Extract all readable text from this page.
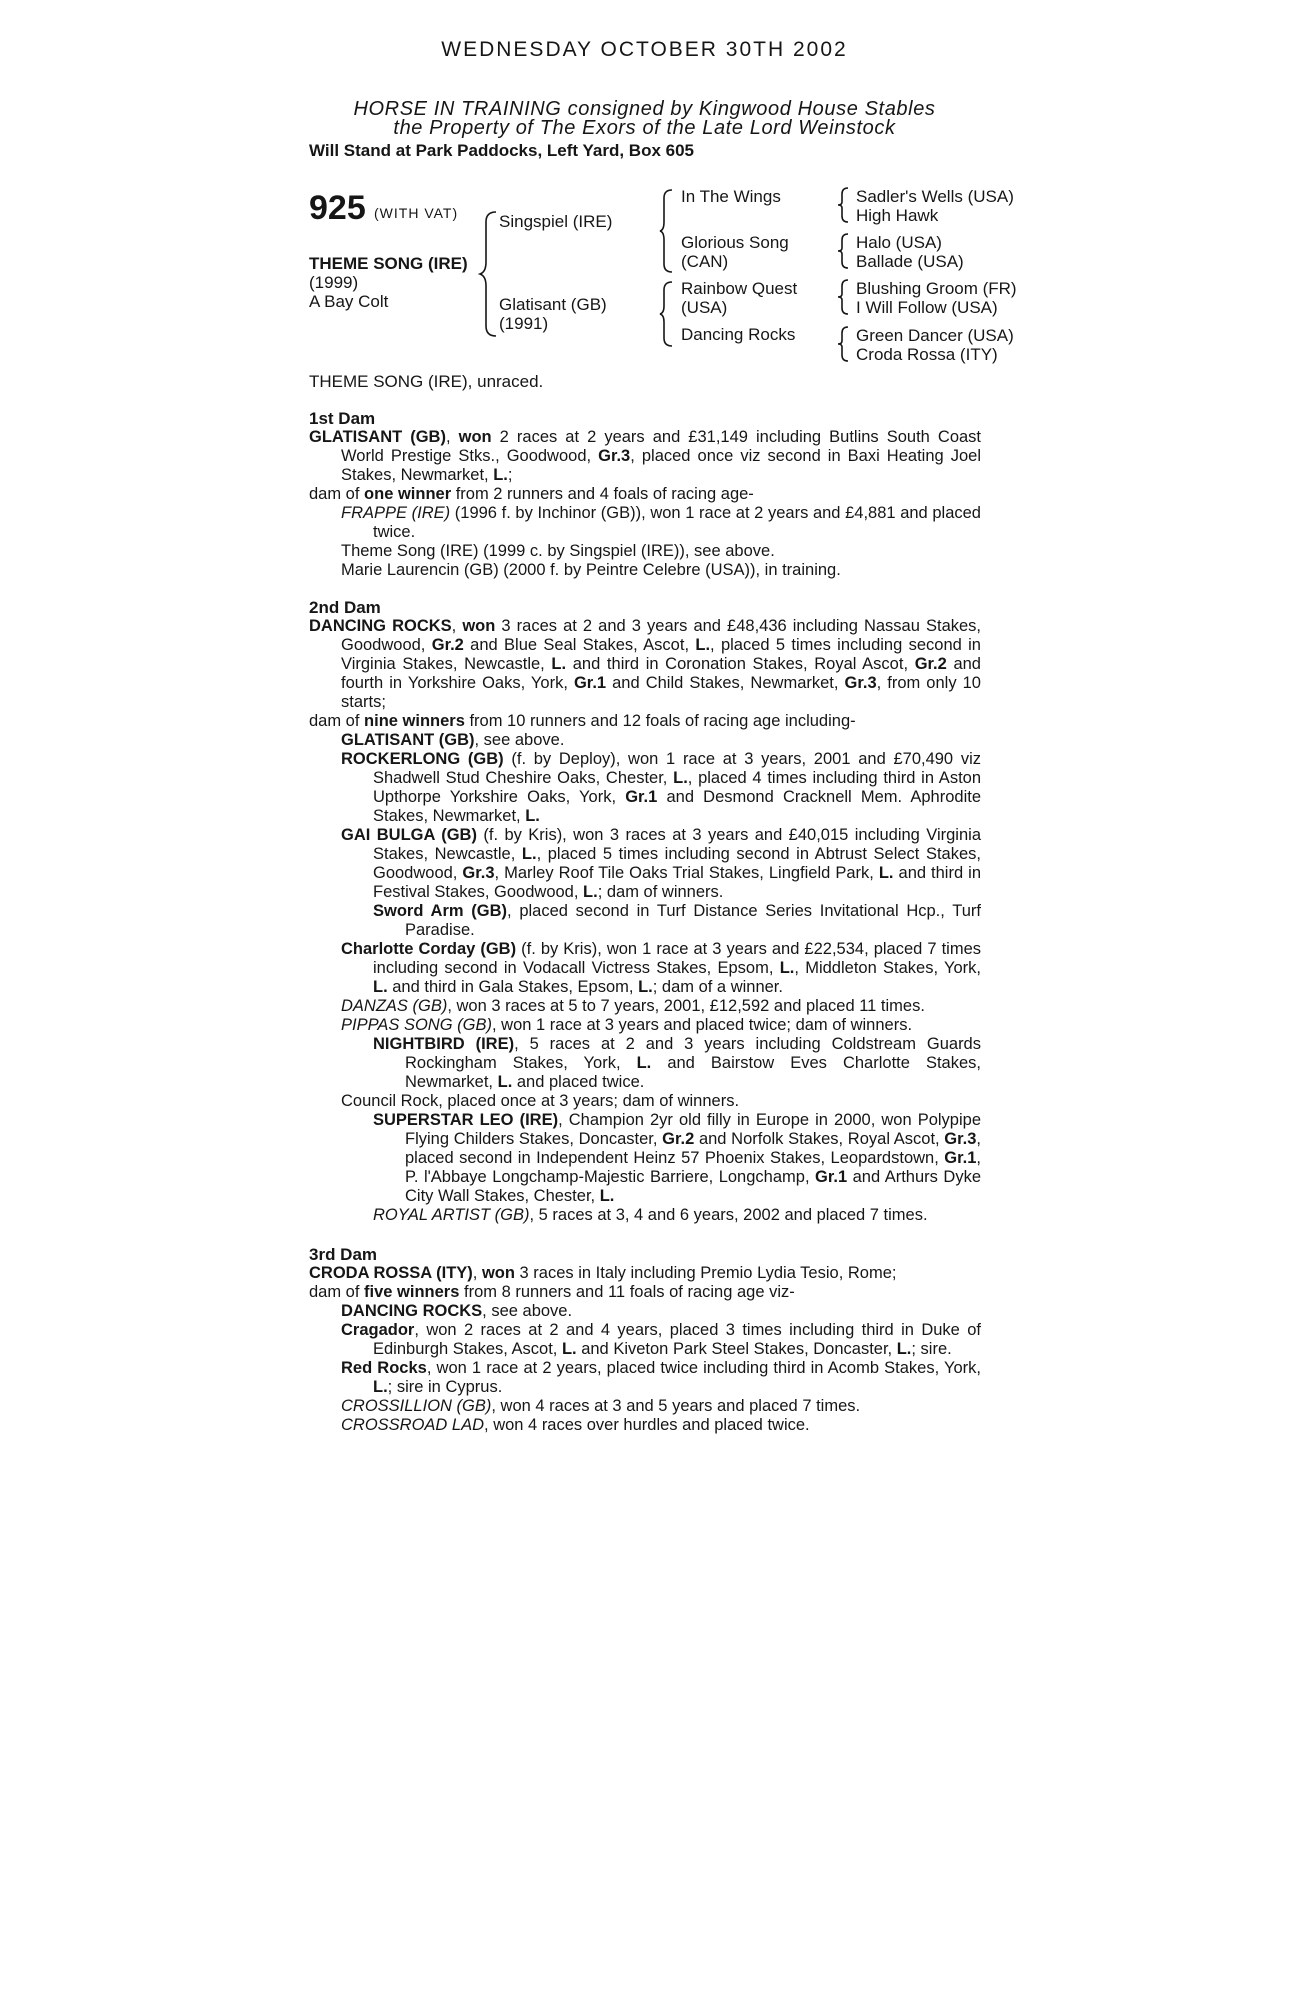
WEDNESDAY OCTOBER 30TH 2002
HORSE IN TRAINING consigned by Kingwood House Stables
the Property of The Exors of the Late Lord Weinstock
Will Stand at Park Paddocks, Left Yard, Box 605
925 (WITH VAT)
THEME SONG (IRE)
(1999)
A Bay Colt
Singspiel (IRE)
Glatisant (GB)
(1991)
In The Wings
Glorious Song
(CAN)
Rainbow Quest
(USA)
Dancing Rocks
Sadler's Wells (USA)
High Hawk
Halo (USA)
Ballade (USA)
Blushing Groom (FR)
I Will Follow (USA)
Green Dancer (USA)
Croda Rossa (ITY)
THEME SONG (IRE), unraced.
1st Dam

GLATISANT (GB), won 2 races at 2 years and £31,149 including Butlins South Coast World Prestige Stks., Goodwood, Gr.3, placed once viz second in Baxi Heating Joel Stakes, Newmarket, L.;

dam of one winner from 2 runners and 4 foals of racing age-

FRAPPE (IRE) (1996 f. by Inchinor (GB)), won 1 race at 2 years and £4,881 and placed twice.

Theme Song (IRE) (1999 c. by Singspiel (IRE)), see above.

Marie Laurencin (GB) (2000 f. by Peintre Celebre (USA)), in training.

2nd Dam

DANCING ROCKS, won 3 races at 2 and 3 years and £48,436 including Nassau Stakes, Goodwood, Gr.2 and Blue Seal Stakes, Ascot, L., placed 5 times including second in Virginia Stakes, Newcastle, L. and third in Coronation Stakes, Royal Ascot, Gr.2 and fourth in Yorkshire Oaks, York, Gr.1 and Child Stakes, Newmarket, Gr.3, from only 10 starts;

dam of nine winners from 10 runners and 12 foals of racing age including-

GLATISANT (GB), see above.

ROCKERLONG (GB) (f. by Deploy), won 1 race at 3 years, 2001 and £70,490 viz Shadwell Stud Cheshire Oaks, Chester, L., placed 4 times including third in Aston Upthorpe Yorkshire Oaks, York, Gr.1 and Desmond Cracknell Mem. Aphrodite Stakes, Newmarket, L.

GAI BULGA (GB) (f. by Kris), won 3 races at 3 years and £40,015 including Virginia Stakes, Newcastle, L., placed 5 times including second in Abtrust Select Stakes, Goodwood, Gr.3, Marley Roof Tile Oaks Trial Stakes, Lingfield Park, L. and third in Festival Stakes, Goodwood, L.; dam of winners.

Sword Arm (GB), placed second in Turf Distance Series Invitational Hcp., Turf Paradise.

Charlotte Corday (GB) (f. by Kris), won 1 race at 3 years and £22,534, placed 7 times including second in Vodacall Victress Stakes, Epsom, L., Middleton Stakes, York, L. and third in Gala Stakes, Epsom, L.; dam of a winner.

DANZAS (GB), won 3 races at 5 to 7 years, 2001, £12,592 and placed 11 times.

PIPPAS SONG (GB), won 1 race at 3 years and placed twice; dam of winners.

NIGHTBIRD (IRE), 5 races at 2 and 3 years including Coldstream Guards Rockingham Stakes, York, L. and Bairstow Eves Charlotte Stakes, Newmarket, L. and placed twice.

Council Rock, placed once at 3 years; dam of winners.

SUPERSTAR LEO (IRE), Champion 2yr old filly in Europe in 2000, won Polypipe Flying Childers Stakes, Doncaster, Gr.2 and Norfolk Stakes, Royal Ascot, Gr.3, placed second in Independent Heinz 57 Phoenix Stakes, Leopardstown, Gr.1, P. l'Abbaye Longchamp-Majestic Barriere, Longchamp, Gr.1 and Arthurs Dyke City Wall Stakes, Chester, L.

ROYAL ARTIST (GB), 5 races at 3, 4 and 6 years, 2002 and placed 7 times.

3rd Dam

CRODA ROSSA (ITY), won 3 races in Italy including Premio Lydia Tesio, Rome;

dam of five winners from 8 runners and 11 foals of racing age viz-

DANCING ROCKS, see above.

Cragador, won 2 races at 2 and 4 years, placed 3 times including third in Duke of Edinburgh Stakes, Ascot, L. and Kiveton Park Steel Stakes, Doncaster, L.; sire.

Red Rocks, won 1 race at 2 years, placed twice including third in Acomb Stakes, York, L.; sire in Cyprus.

CROSSILLION (GB), won 4 races at 3 and 5 years and placed 7 times.

CROSSROAD LAD, won 4 races over hurdles and placed twice.
